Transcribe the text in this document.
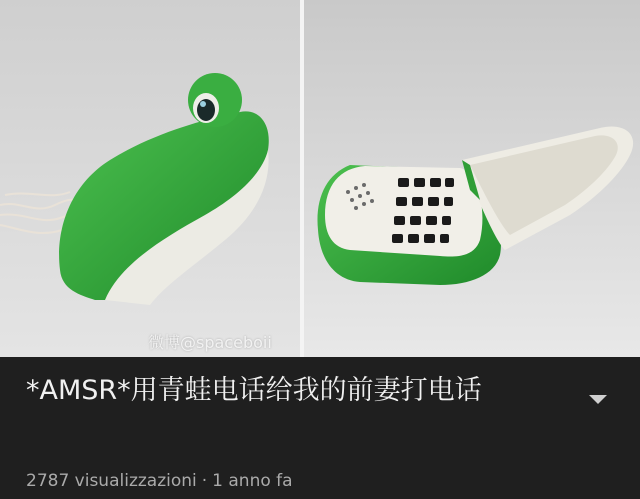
微博@spaceboii
*AMSR*用青蛙电话给我的前妻打电话
2787 visualizzazioni · 1 anno fa
